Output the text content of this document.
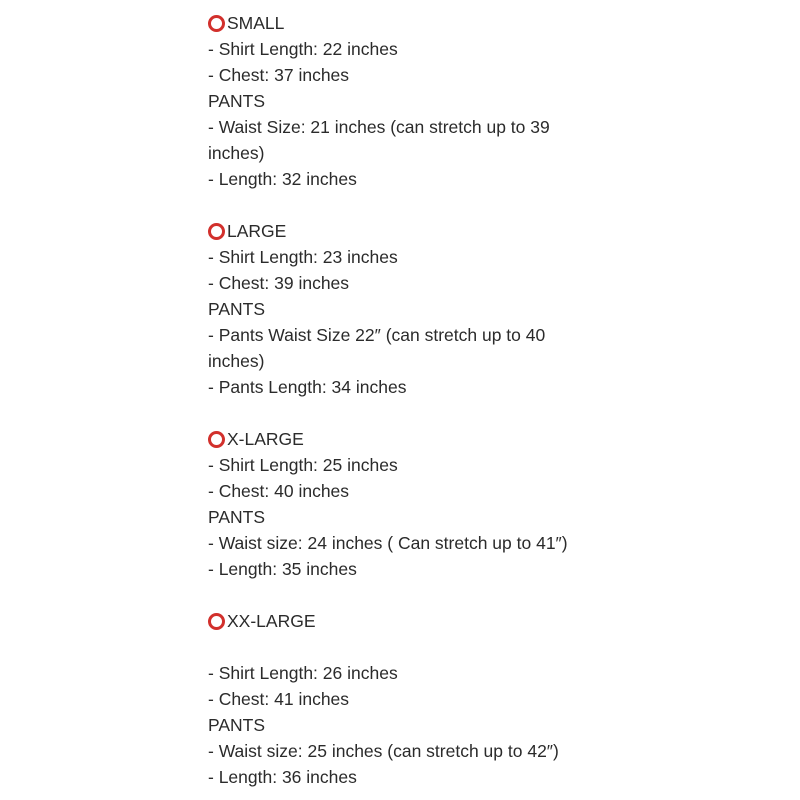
SMALL
- Shirt Length: 22 inches
- Chest: 37 inches
PANTS
- Waist Size: 21 inches (can stretch up to 39
inches)
- Length: 32 inches
LARGE
- Shirt Length: 23 inches
- Chest: 39 inches
PANTS
- Pants Waist Size 22″ (can stretch up to 40
inches)
- Pants Length: 34 inches
X-LARGE
- Shirt Length: 25 inches
- Chest: 40 inches
PANTS
- Waist size: 24 inches ( Can stretch up to 41″)
- Length: 35 inches
XX-LARGE
- Shirt Length: 26 inches
- Chest: 41 inches
PANTS
- Waist size: 25 inches (can stretch up to 42″)
- Length: 36 inches
